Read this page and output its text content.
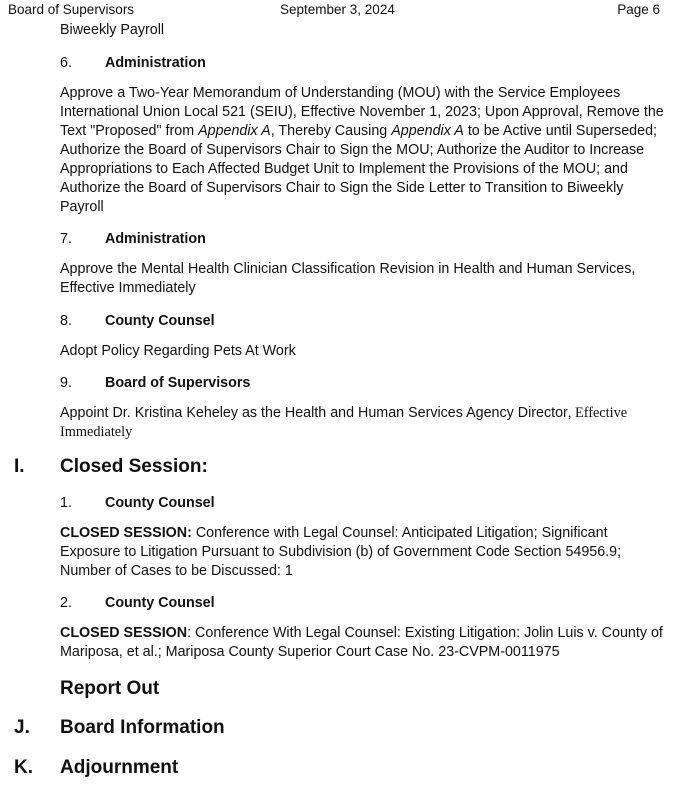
Board of Supervisors	September 3, 2024	Page 6
Biweekly Payroll
6. Administration
Approve a Two-Year Memorandum of Understanding (MOU) with the Service Employees International Union Local 521 (SEIU), Effective November 1, 2023; Upon Approval, Remove the Text "Proposed" from Appendix A, Thereby Causing Appendix A to be Active until Superseded; Authorize the Board of Supervisors Chair to Sign the MOU; Authorize the Auditor to Increase Appropriations to Each Affected Budget Unit to Implement the Provisions of the MOU; and Authorize the Board of Supervisors Chair to Sign the Side Letter to Transition to Biweekly Payroll
7. Administration
Approve the Mental Health Clinician Classification Revision in Health and Human Services, Effective Immediately
8. County Counsel
Adopt Policy Regarding Pets At Work
9. Board of Supervisors
Appoint Dr. Kristina Keheley as the Health and Human Services Agency Director, Effective
Immediately
I. Closed Session:
1. County Counsel
CLOSED SESSION: Conference with Legal Counsel: Anticipated Litigation; Significant Exposure to Litigation Pursuant to Subdivision (b) of Government Code Section 54956.9; Number of Cases to be Discussed: 1
2. County Counsel
CLOSED SESSION: Conference With Legal Counsel: Existing Litigation: Jolin Luis v. County of Mariposa, et al.; Mariposa County Superior Court Case No. 23-CVPM-0011975
Report Out
J. Board Information
K. Adjournment
